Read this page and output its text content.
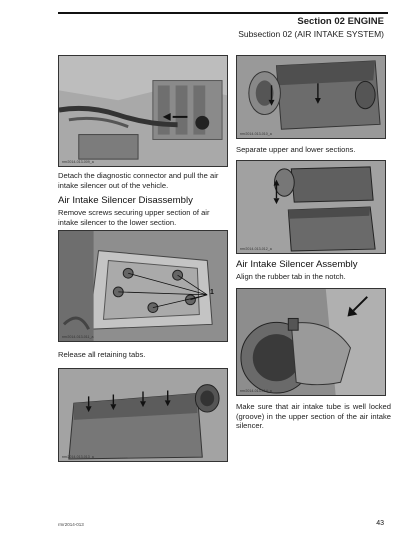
Section 02 ENGINE
Subsection 02 (AIR INTAKE SYSTEM)
rmr2014-013-009_a
Detach the diagnostic connector and pull the air intake silencer out of the vehicle.
Air Intake Silencer Disassembly
Remove screws securing upper section of air intake silencer to the lower section.
1
rmr2014-013-011_a
Release all retaining tabs.
rmr2014-013-013_a
rmr2014-013-010_a
Separate upper and lower sections.
rmr2014-013-012_a
Air Intake Silencer Assembly
Align the rubber tab in the notch.
rmr2014-013-014_a
Make sure that air intake tube is well locked (groove) in the upper section of the air intake silencer.
rmr2014-013	43
